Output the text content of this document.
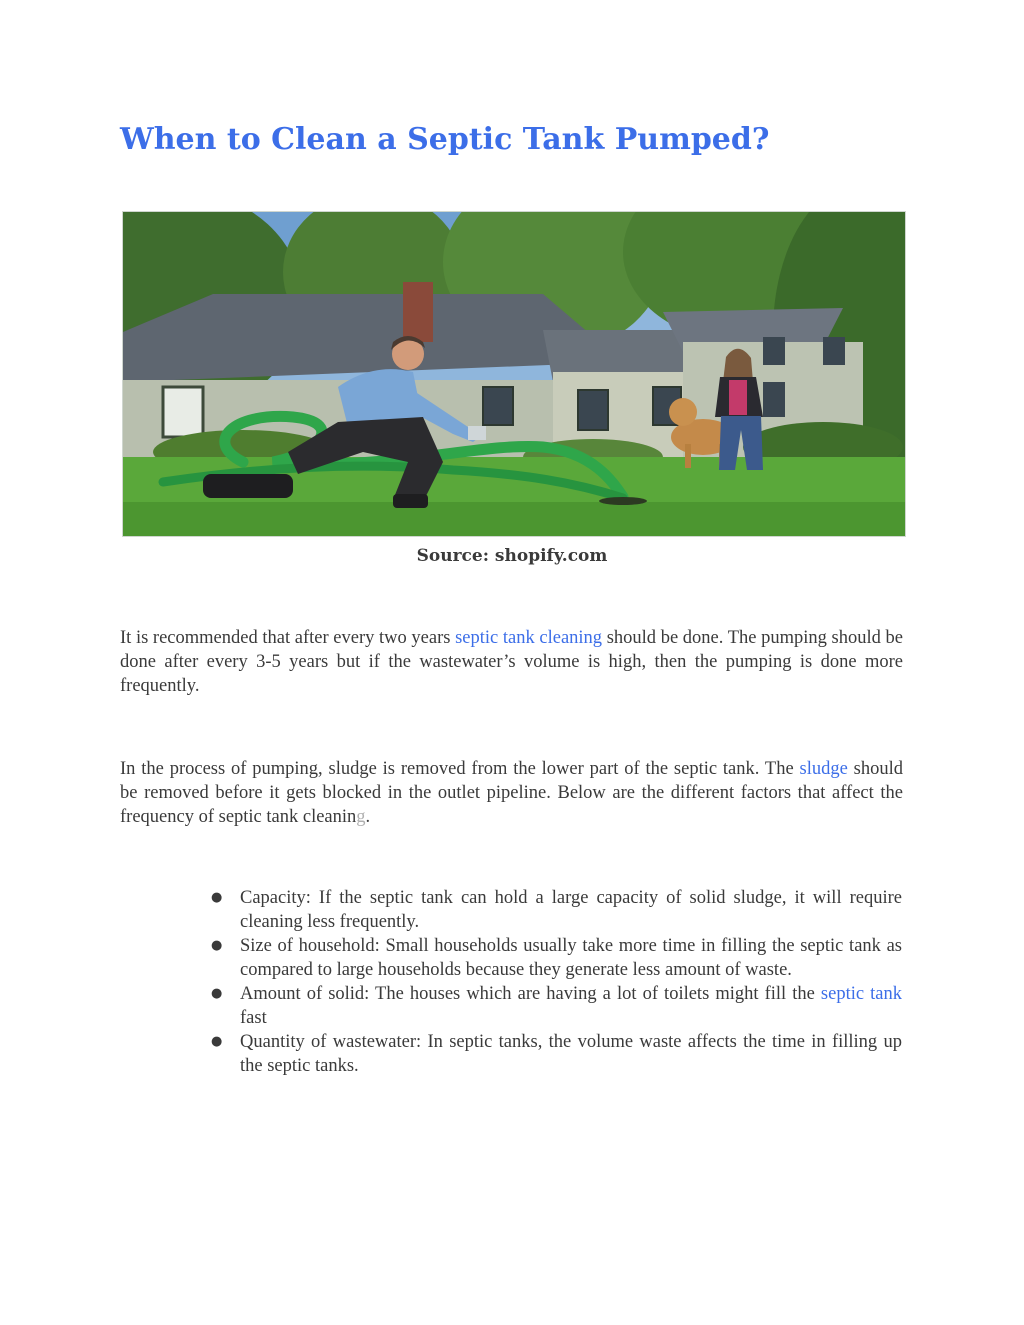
When to Clean a Septic Tank Pumped?
Source: shopify.com

It is recommended that after every two years septic tank cleaning should be done. The pumping should be done after every 3-5 years but if the wastewater’s volume is high, then the pumping is done more frequently.

In the process of pumping, sludge is removed from the lower part of the septic tank. The sludge should be removed before it gets blocked in the outlet pipeline. Below are the different factors that affect the frequency of septic tank cleaning.

● Capacity: If the septic tank can hold a large capacity of solid sludge, it will require cleaning less frequently.
● Size of household: Small households usually take more time in filling the septic tank as compared to large households because they generate less amount of waste.
● Amount of solid: The houses which are having a lot of toilets might fill the septic tank fast
● Quantity of wastewater: In septic tanks, the volume waste affects the time in filling up the septic tanks.
